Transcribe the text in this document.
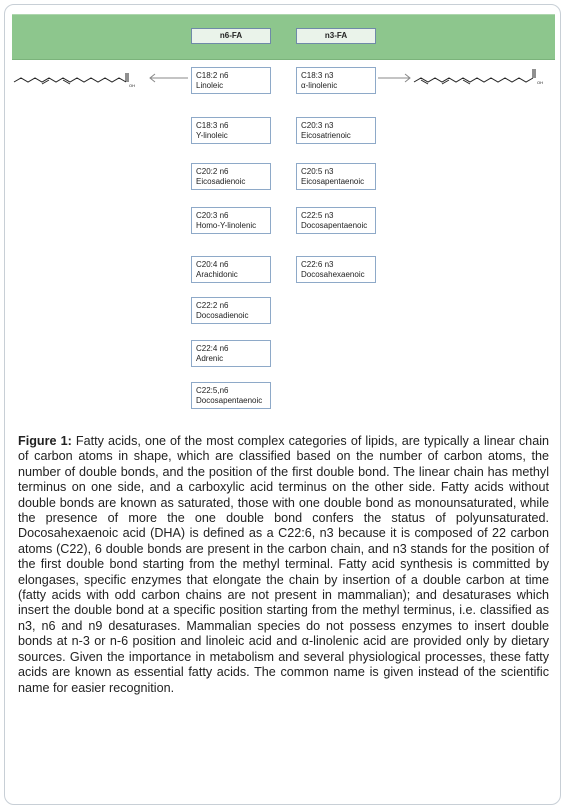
n6-FA	n3-FA
C18:2 n6
Linoleic
C18:3 n6
Y-linoleic
C20:2 n6
Eicosadienoic
C20:3 n6
Homo-Y-linolenic
C20:4 n6
Arachidonic
C22:2 n6
Docosadienoic
C22:4 n6
Adrenic
C22:5,n6
Docosapentaenoic
C18:3 n3
α-linolenic
C20:3 n3
Eicosatrienoic
C20:5 n3
Eicosapentaenoic
C22:5 n3
Docosapentaenoic
C22:6 n3
Docosahexaenoic
OH
OH
Figure 1: Fatty acids, one of the most complex categories of lipids, are typically a linear chain of carbon atoms in shape, which are classified based on the number of carbon atoms, the number of double bonds, and the position of the first double bond. The linear chain has methyl terminus on one side, and a carboxylic acid terminus on the other side. Fatty acids without double bonds are known as saturated, those with one double bond as monounsaturated, while the presence of more the one double bond confers the status of polyunsaturated. Docosahexaenoic acid (DHA) is defined as a C22:6, n3 because it is composed of 22 carbon atoms (C22), 6 double bonds are present in the carbon chain, and n3 stands for the position of the first double bond starting from the methyl terminal. Fatty acid synthesis is committed by elongases, specific enzymes that elongate the chain by insertion of a double carbon at time (fatty acids with odd carbon chains are not present in mammalian); and desaturases which insert the double bond at a specific position starting from the methyl terminus, i.e. classified as n3, n6 and n9 desaturases. Mammalian species do not possess enzymes to insert double bonds at n-3 or n-6 position and linoleic acid and α-linolenic acid are provided only by dietary sources. Given the importance in metabolism and several physiological processes, these fatty acids are known as essential fatty acids. The common name is given instead of the scientific name for easier recognition.
